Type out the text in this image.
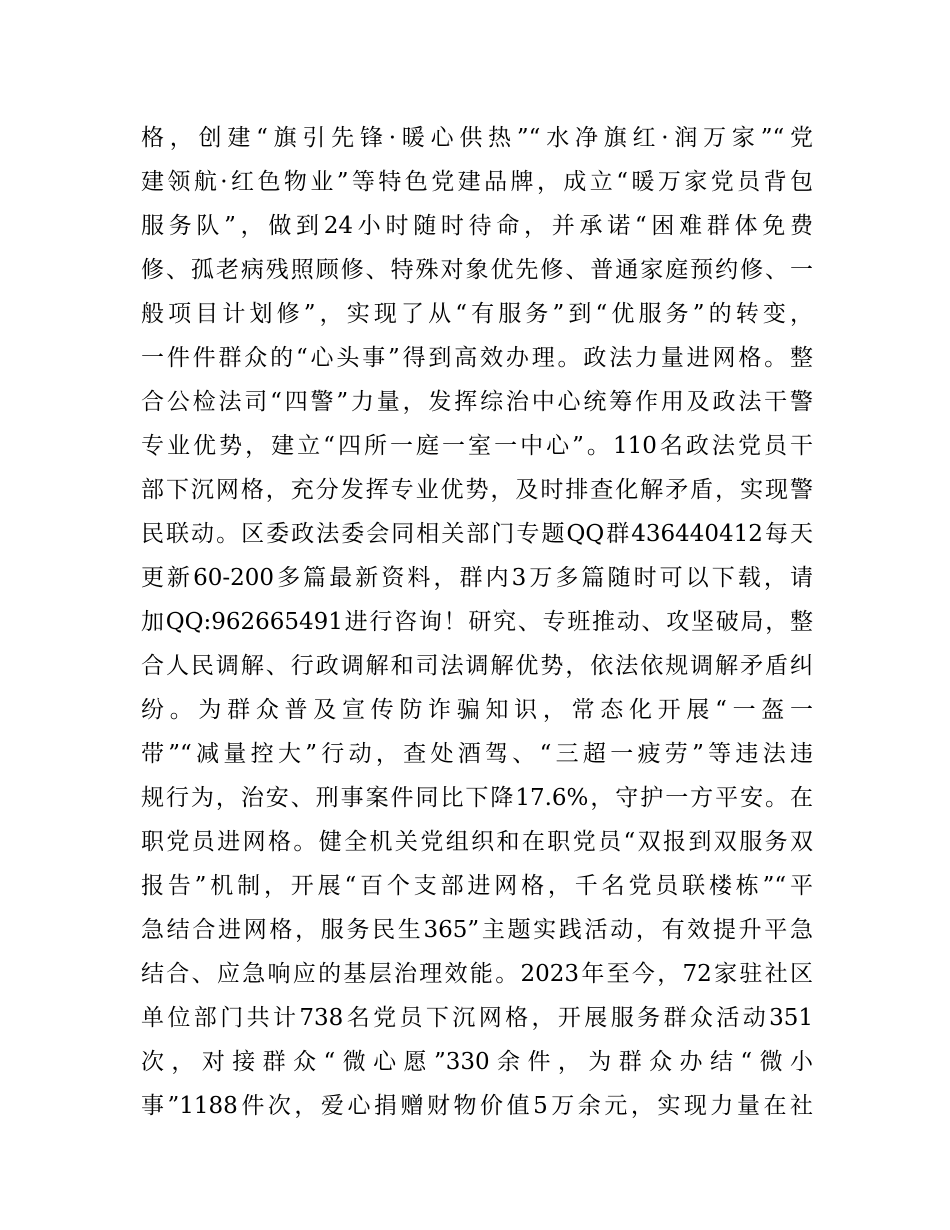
格，创建“旗引先锋·暖心供热”“水净旗红·润万家”“党
建领航·红色物业”等特色党建品牌，成立“暖万家党员背包
服务队”，做到24小时随时待命，并承诺“困难群体免费
修、孤老病残照顾修、特殊对象优先修、普通家庭预约修、一
般项目计划修”，实现了从“有服务”到“优服务”的转变，
一件件群众的“心头事”得到高效办理。政法力量进网格。整
合公检法司“四警”力量，发挥综治中心统筹作用及政法干警
专业优势，建立“四所一庭一室一中心”。110名政法党员干
部下沉网格，充分发挥专业优势，及时排查化解矛盾，实现警
民联动。区委政法委会同相关部门专题QQ群436440412每天
更新60-200多篇最新资料，群内3万多篇随时可以下载，请
加QQ:962665491进行咨询！研究、专班推动、攻坚破局，整
合人民调解、行政调解和司法调解优势，依法依规调解矛盾纠
纷。为群众普及宣传防诈骗知识，常态化开展“一盔一
带”“减量控大”行动，查处酒驾、“三超一疲劳”等违法违
规行为，治安、刑事案件同比下降17.6%，守护一方平安。在
职党员进网格。健全机关党组织和在职党员“双报到双服务双
报告”机制，开展“百个支部进网格，千名党员联楼栋”“平
急结合进网格，服务民生365”主题实践活动，有效提升平急
结合、应急响应的基层治理效能。2023年至今，72家驻社区
单位部门共计738名党员下沉网格，开展服务群众活动351
次，对接群众“微心愿”330余件，为群众办结“微小
事”1188件次，爱心捐赠财物价值5万余元，实现力量在社
